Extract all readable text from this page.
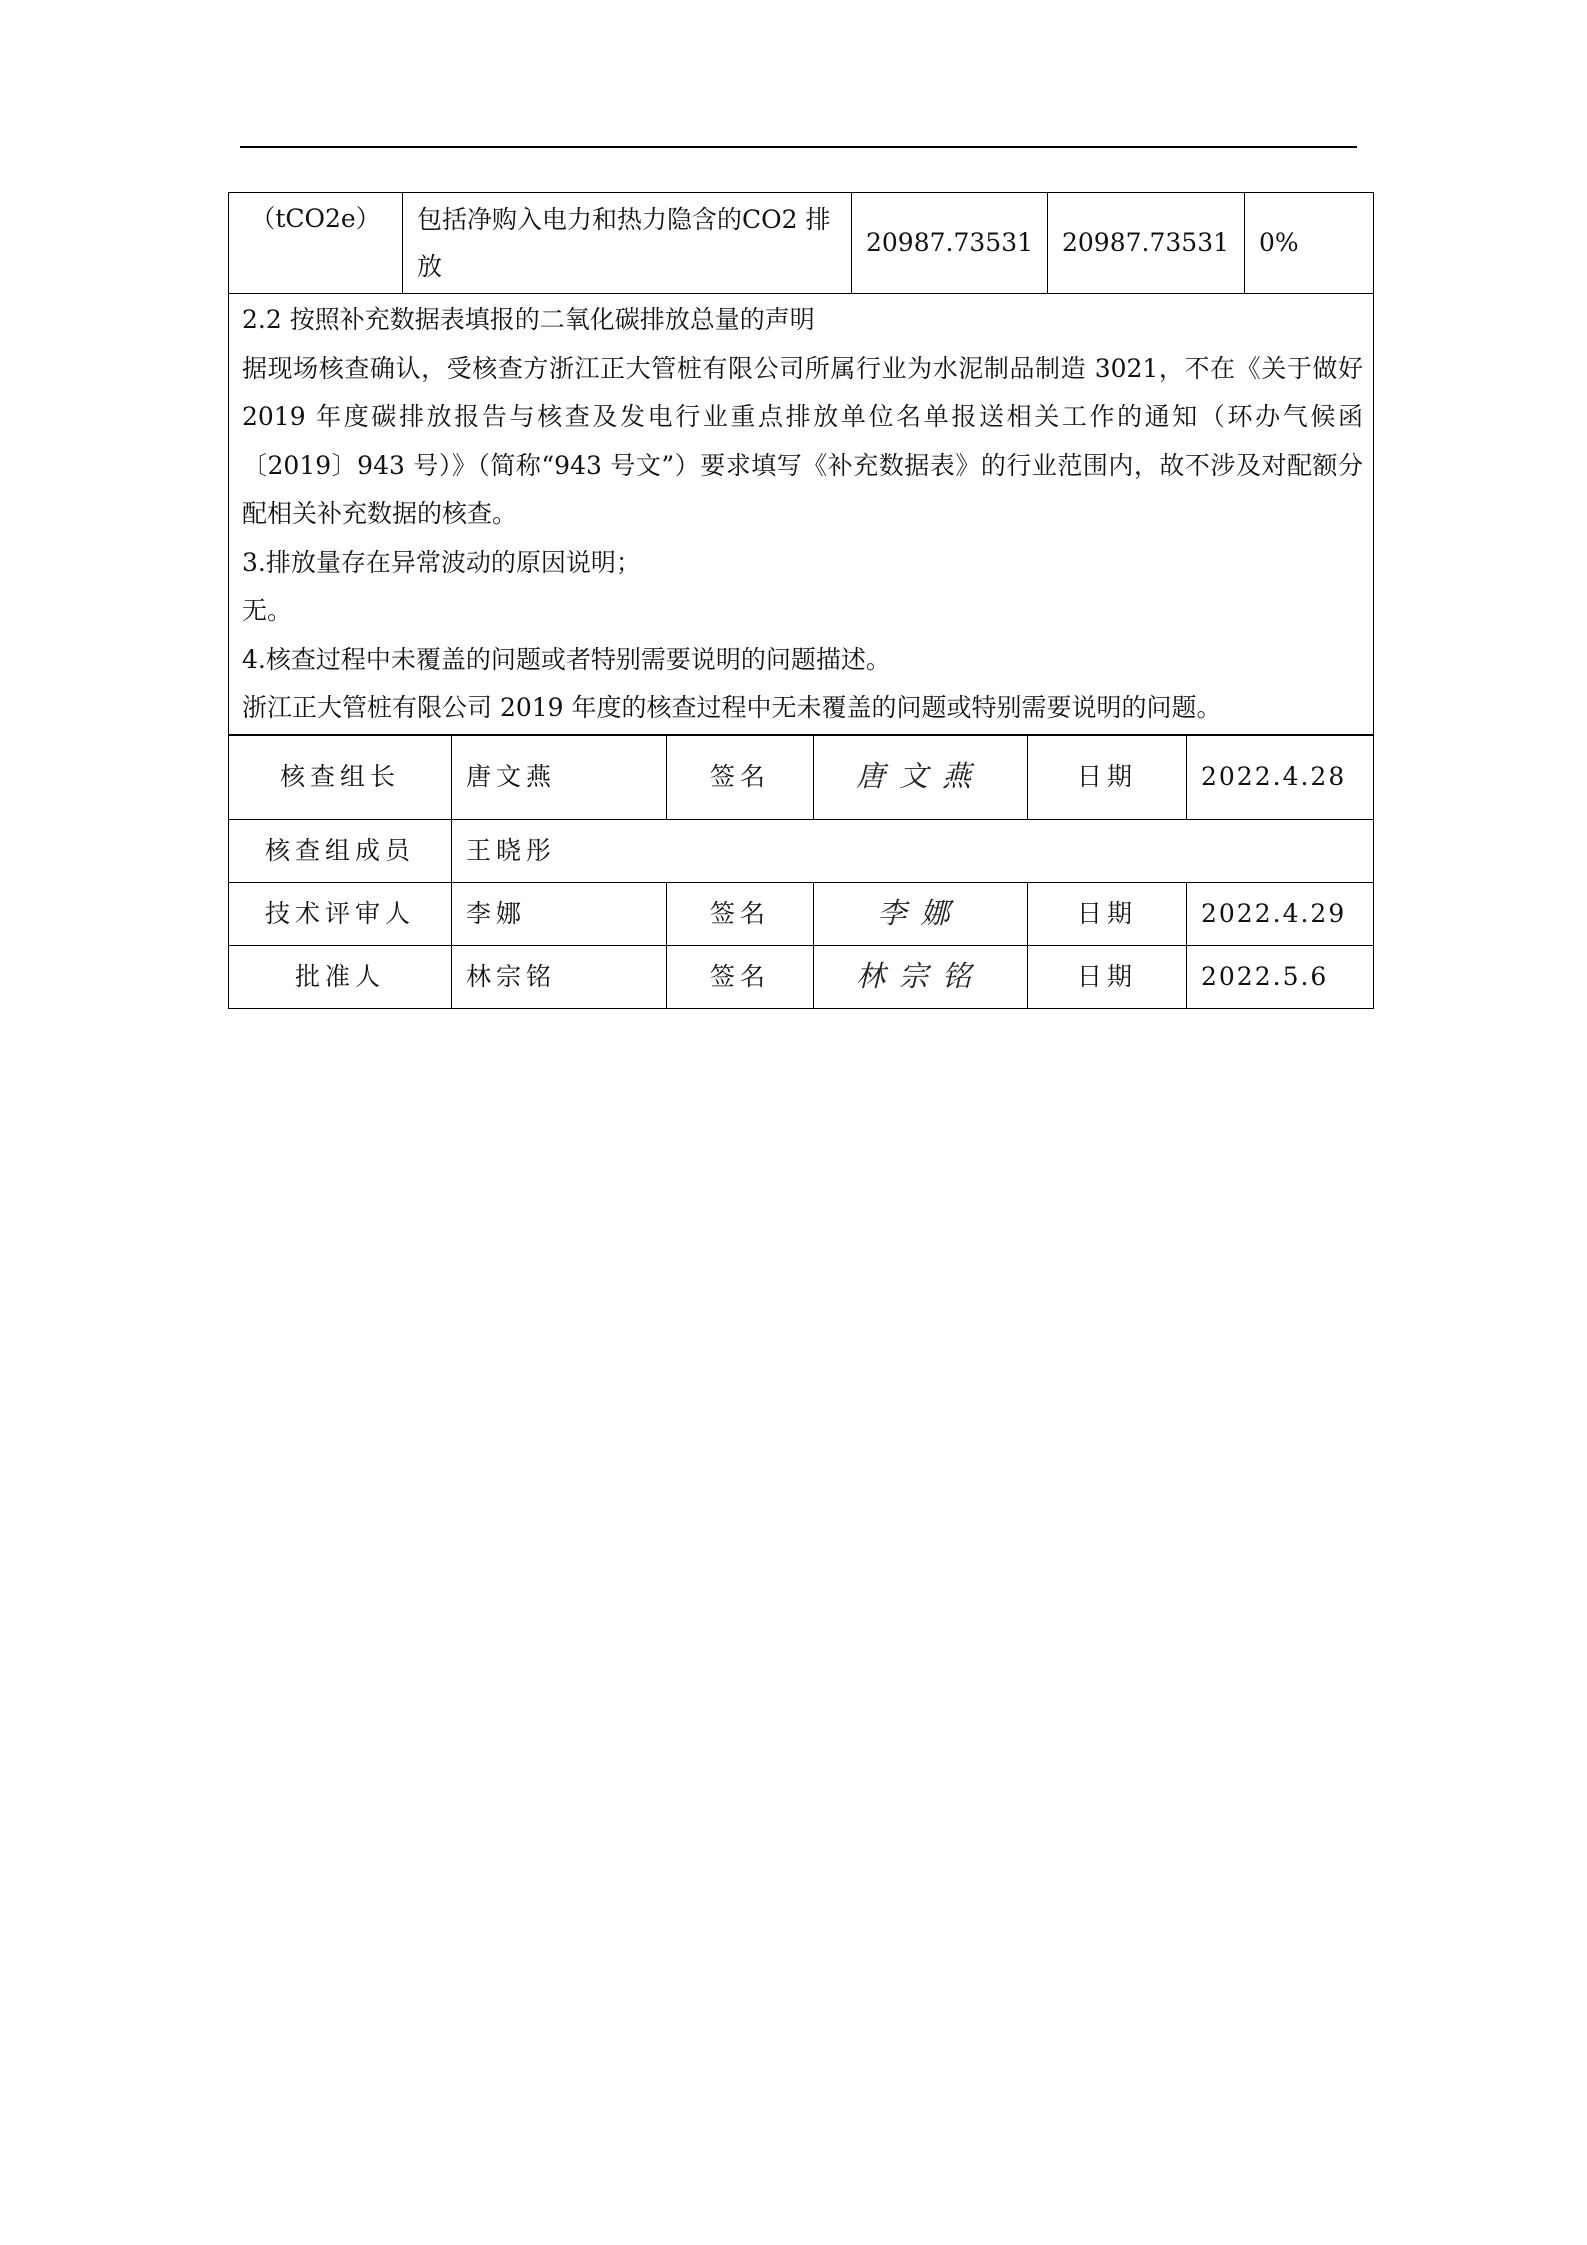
（tCO2e）	包括净购入电力和热力隐含的CO2 排放	20987.73531	20987.73531	0%

2.2 按照补充数据表填报的二氧化碳排放总量的声明

据现场核查确认，受核查方浙江正大管桩有限公司所属行业为水泥制品制造 3021，不在《关于做好 2019 年度碳排放报告与核查及发电行业重点排放单位名单报送相关工作的通知（环办气候函〔2019〕943 号）》（简称“943 号文”）要求填写《补充数据表》的行业范围内，故不涉及对配额分配相关补充数据的核查。

3.排放量存在异常波动的原因说明；

无。

4.核查过程中未覆盖的问题或者特别需要说明的问题描述。

浙江正大管桩有限公司 2019 年度的核查过程中无未覆盖的问题或特别需要说明的问题。

核查组长	唐文燕	签名	唐文燕	日期	2022.4.28
核查组成员	王晓彤				
技术评审人	李娜	签名	李娜	日期	2022.4.29
批准人	林宗铭	签名	林宗铭	日期	2022.5.6
